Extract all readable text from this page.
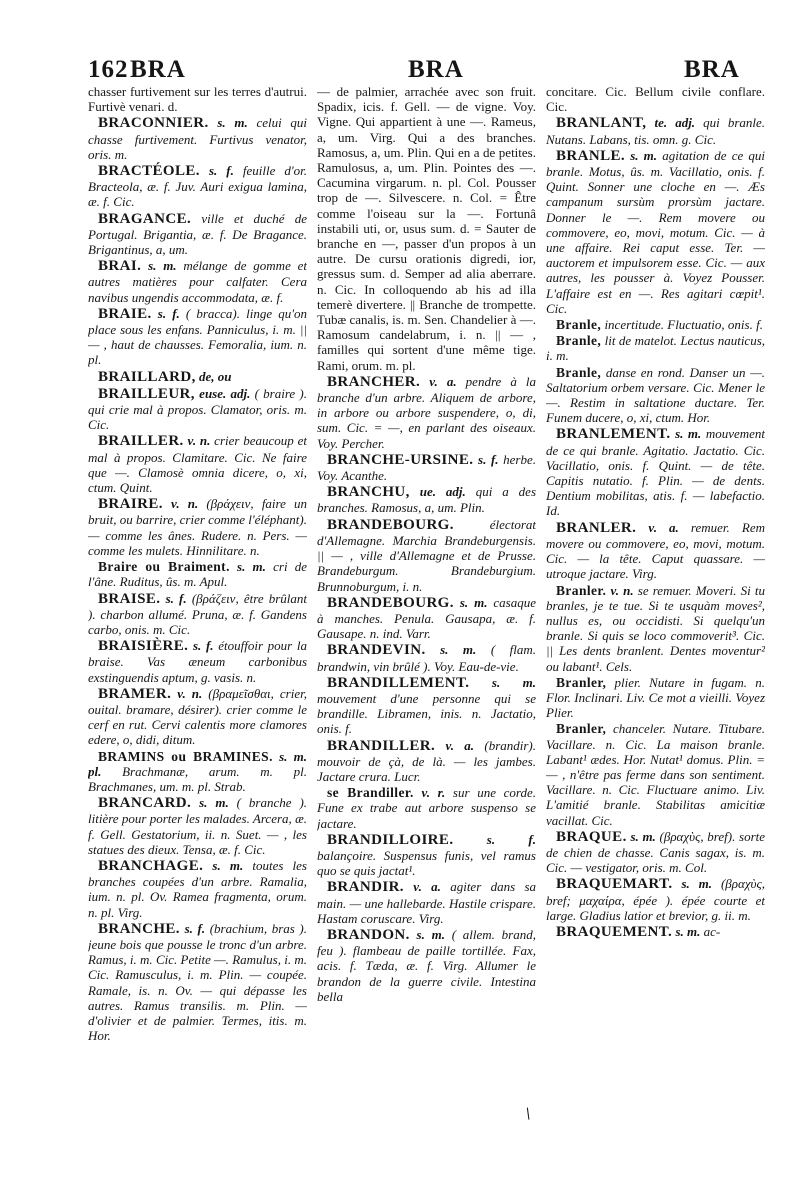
162 BRA	BRA	BRA

chasser furtivement sur les terres d'autrui. Furtivè venari. d.

BRACONNIER. s. m. celui qui chasse furtivement. Furtivus venator, oris. m.

BRACTÉOLE. s. f. feuille d'or. Bracteola, æ. f. Juv. Auri exigua lamina, æ. f. Cic.

BRAGANCE. ville et duché de Portugal. Brigantia, æ. f. De Bragance. Brigantinus, a, um.

BRAI. s. m. mélange de gomme et autres matières pour calfater. Cera navibus ungendis accommodata, æ. f.

BRAIE. s. f. ( bracca). linge qu'on place sous les enfans. Panniculus, i. m. || — , haut de chausses. Femoralia, ium. n. pl.

BRAILLARD, de, ou

BRAILLEUR, euse. adj. ( braire ). qui crie mal à propos. Clamator, oris. m. Cic.

BRAILLER. v. n. crier beaucoup et mal à propos. Clamitare. Cic. Ne faire que —. Clamosè omnia dicere, o, xi, ctum. Quint.

BRAIRE. v. n. (βράχειν, faire un bruit, ou barrire, crier comme l'éléphant). — comme les ânes. Rudere. n. Pers. — comme les mulets. Hinnilitare. n.

Braire ou Braiment. s. m. cri de l'âne. Ruditus, ûs. m. Apul.

BRAISE. s. f. (βράζειν, être brûlant ). charbon allumé. Pruna, æ. f. Gandens carbo, onis. m. Cic.

BRAISIÈRE. s. f. étouffoir pour la braise. Vas æneum carbonibus exstinguendis aptum, g. vasis. n.

BRAMER. v. n. (βραμεῖσθαι, crier, ouital. bramare, désirer). crier comme le cerf en rut. Cervi calentis more clamores edere, o, didi, ditum.

BRAMINS ou BRAMINES. s. m. pl. Brachmanæ, arum. m. pl. Brachmanes, um. m. pl. Strab.

BRANCARD. s. m. ( branche ). litière pour porter les malades. Arcera, æ. f. Gell. Gestatorium, ii. n. Suet. — , les statues des dieux. Tensa, æ. f. Cic.

BRANCHAGE. s. m. toutes les branches coupées d'un arbre. Ramalia, ium. n. pl. Ov. Ramea fragmenta, orum. n. pl. Virg.

BRANCHE. s. f. (brachium, bras ). jeune bois que pousse le tronc d'un arbre. Ramus, i. m. Cic. Petite —. Ramulus, i. m. Cic. Ramusculus, i. m. Plin. — coupée. Ramale, is. n. Ov. — qui dépasse les autres. Ramus transilis. m. Plin. — d'olivier et de palmier. Termes, itis. m. Hor.

— de palmier, arrachée avec son fruit. Spadix, icis. f. Gell. — de vigne. Voy. Vigne. Qui appartient à une —. Rameus, a, um. Virg. Qui a des branches. Ramosus, a, um. Plin. Qui en a de petites. Ramulosus, a, um. Plin. Pointes des —. Cacumina virgarum. n. pl. Col. Pousser trop de —. Silvescere. n. Col. = Être comme l'oiseau sur la —. Fortunâ instabili uti, or, usus sum. d. = Sauter de branche en —, passer d'un propos à un autre. De cursu orationis digredi, ior, gressus sum. d. Semper ad alia aberrare. n. Cic. In colloquendo ab his ad illa temerè divertere. || Branche de trompette. Tubæ canalis, is. m. Sen. Chandelier à —. Ramosum candelabrum, i. n. || — , familles qui sortent d'une même tige. Rami, orum. m. pl.

BRANCHER. v. a. pendre à la branche d'un arbre. Aliquem de arbore, in arbore ou arbore suspendere, o, di, sum. Cic. = —, en parlant des oiseaux. Voy. Percher.

BRANCHE-URSINE. s. f. herbe. Voy. Acanthe.

BRANCHU, ue. adj. qui a des branches. Ramosus, a, um. Plin.

BRANDEBOURG.	électorat d'Allemagne. Marchia Brandeburgensis. || — , ville d'Allemagne et de Prusse. Brandeburgum. Brandeburgium. Brunnoburgum, i. n.

BRANDEBOURG. s. m. casaque à manches. Penula. Gausapa, æ. f. Gausape. n. ind. Varr.

BRANDEVIN. s. m. ( flam. brandwin, vin brûlé ). Voy. Eau-de-vie.

BRANDILLEMENT. s. m. mouvement d'une personne qui se brandille. Libramen, inis. n. Jactatio, onis. f.

BRANDILLER. v. a. (brandir). mouvoir de çà, de là. — les jambes. Jactare crura. Lucr.

se Brandiller. v. r. sur une corde. Fune ex trabe aut arbore suspenso se jactare.

BRANDILLOIRE.	s. f. balançoire. Suspensus funis, vel ramus quo se quis jactat¹.

BRANDIR. v. a. agiter dans sa main. — une hallebarde. Hastile crispare. Hastam coruscare. Virg.

BRANDON. s. m. ( allem. brand, feu ). flambeau de paille tortillée. Fax, acis. f. Tæda, æ. f. Virg. Allumer le brandon de la guerre civile. Intestina bella

concitare. Cic. Bellum civile conflare. Cic.

BRANLANT, te. adj. qui branle. Nutans. Labans, tis. omn. g. Cic.

BRANLE. s. m. agitation de ce qui branle. Motus, ûs. m. Vacillatio, onis. f. Quint. Sonner une cloche en —. Æs campanum sursùm prorsùm jactare. Donner le —. Rem movere ou commovere, eo, movi, motum. Cic. — à une affaire. Rei caput esse. Ter. — auctorem et impulsorem esse. Cic. — aux autres, les pousser à. Voyez Pousser. L'affaire est en —. Res agitari cœpit¹. Cic.

Branle, incertitude. Fluctuatio, onis. f.

Branle, lit de matelot. Lectus nauticus, i. m.

Branle, danse en rond. Danser un —. Saltatorium orbem versare. Cic. Mener le —. Restim in saltatione ductare. Ter. Funem ducere, o, xi, ctum. Hor.

BRANLEMENT. s. m. mouvement de ce qui branle. Agitatio. Jactatio. Cic. Vacillatio, onis. f. Quint. — de tête. Capitis nutatio. f. Plin. — de dents. Dentium mobilitas, atis. f. — labefactio. Id.

BRANLER. v. a. remuer. Rem movere ou commovere, eo, movi, motum. Cic. — la tête. Caput quassare. — utroque jactare. Virg.

Branler. v. n. se remuer. Moveri. Si tu branles, je te tue. Si te usquàm moves², nullus es, ou occidisti. Si quelqu'un branle. Si quis se loco commoverit³. Cic. || Les dents branlent. Dentes moventur² ou labant¹. Cels.

Branler, plier. Nutare in fugam. n. Flor. Inclinari. Liv. Ce mot a vieilli. Voyez Plier.

Branler, chanceler. Nutare. Titubare. Vacillare. n. Cic. La maison branle. Labant¹ ædes. Hor. Nutat¹ domus. Plin. = — , n'être pas ferme dans son sentiment. Vacillare. n. Cic. Fluctuare animo. Liv. L'amitié branle. Stabilitas amicitiæ vacillat. Cic.

BRAQUE. s. m. (βραχὺς, bref). sorte de chien de chasse. Canis sagax, is. m. Cic. — vestigator, oris. m. Col.

BRAQUEMART. s. m. (βραχὺς, bref; μαχαίρα, épée ). épée courte et large. Gladius latior et brevior, g. ii. m.

BRAQUEMENT. s. m. ac-

/
